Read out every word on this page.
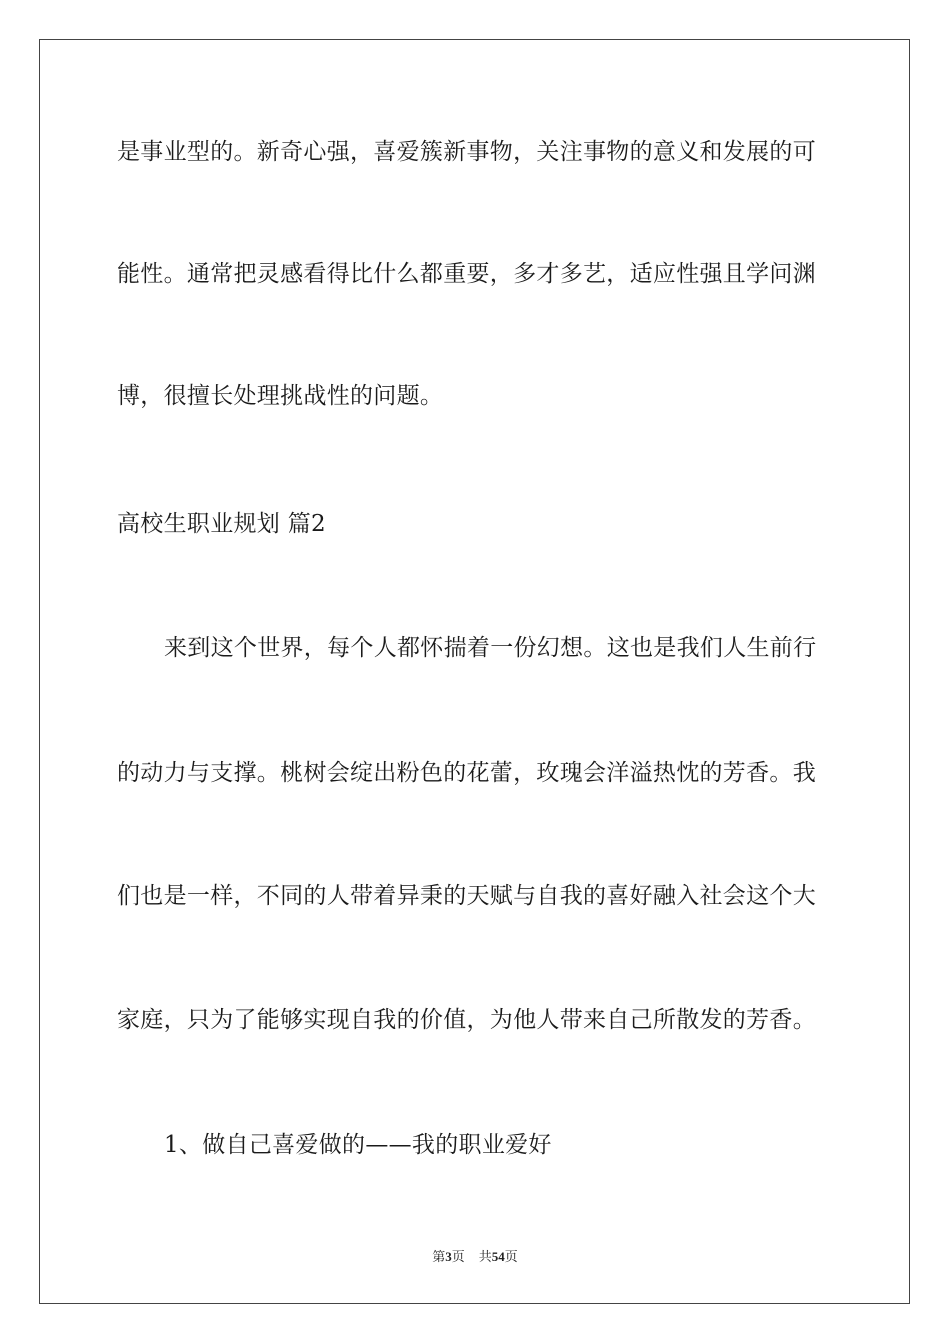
是事业型的。新奇心强，喜爱簇新事物，关注事物的意义和发展的可
能性。通常把灵感看得比什么都重要，多才多艺，适应性强且学问渊
博，很擅长处理挑战性的问题。
高校生职业规划 篇2
来到这个世界，每个人都怀揣着一份幻想。这也是我们人生前行
的动力与支撑。桃树会绽出粉色的花蕾，玫瑰会洋溢热忱的芳香。我
们也是一样，不同的人带着异秉的天赋与自我的喜好融入社会这个大
家庭，只为了能够实现自我的价值，为他人带来自己所散发的芳香。
1、做自己喜爱做的——我的职业爱好
第3页 共54页
